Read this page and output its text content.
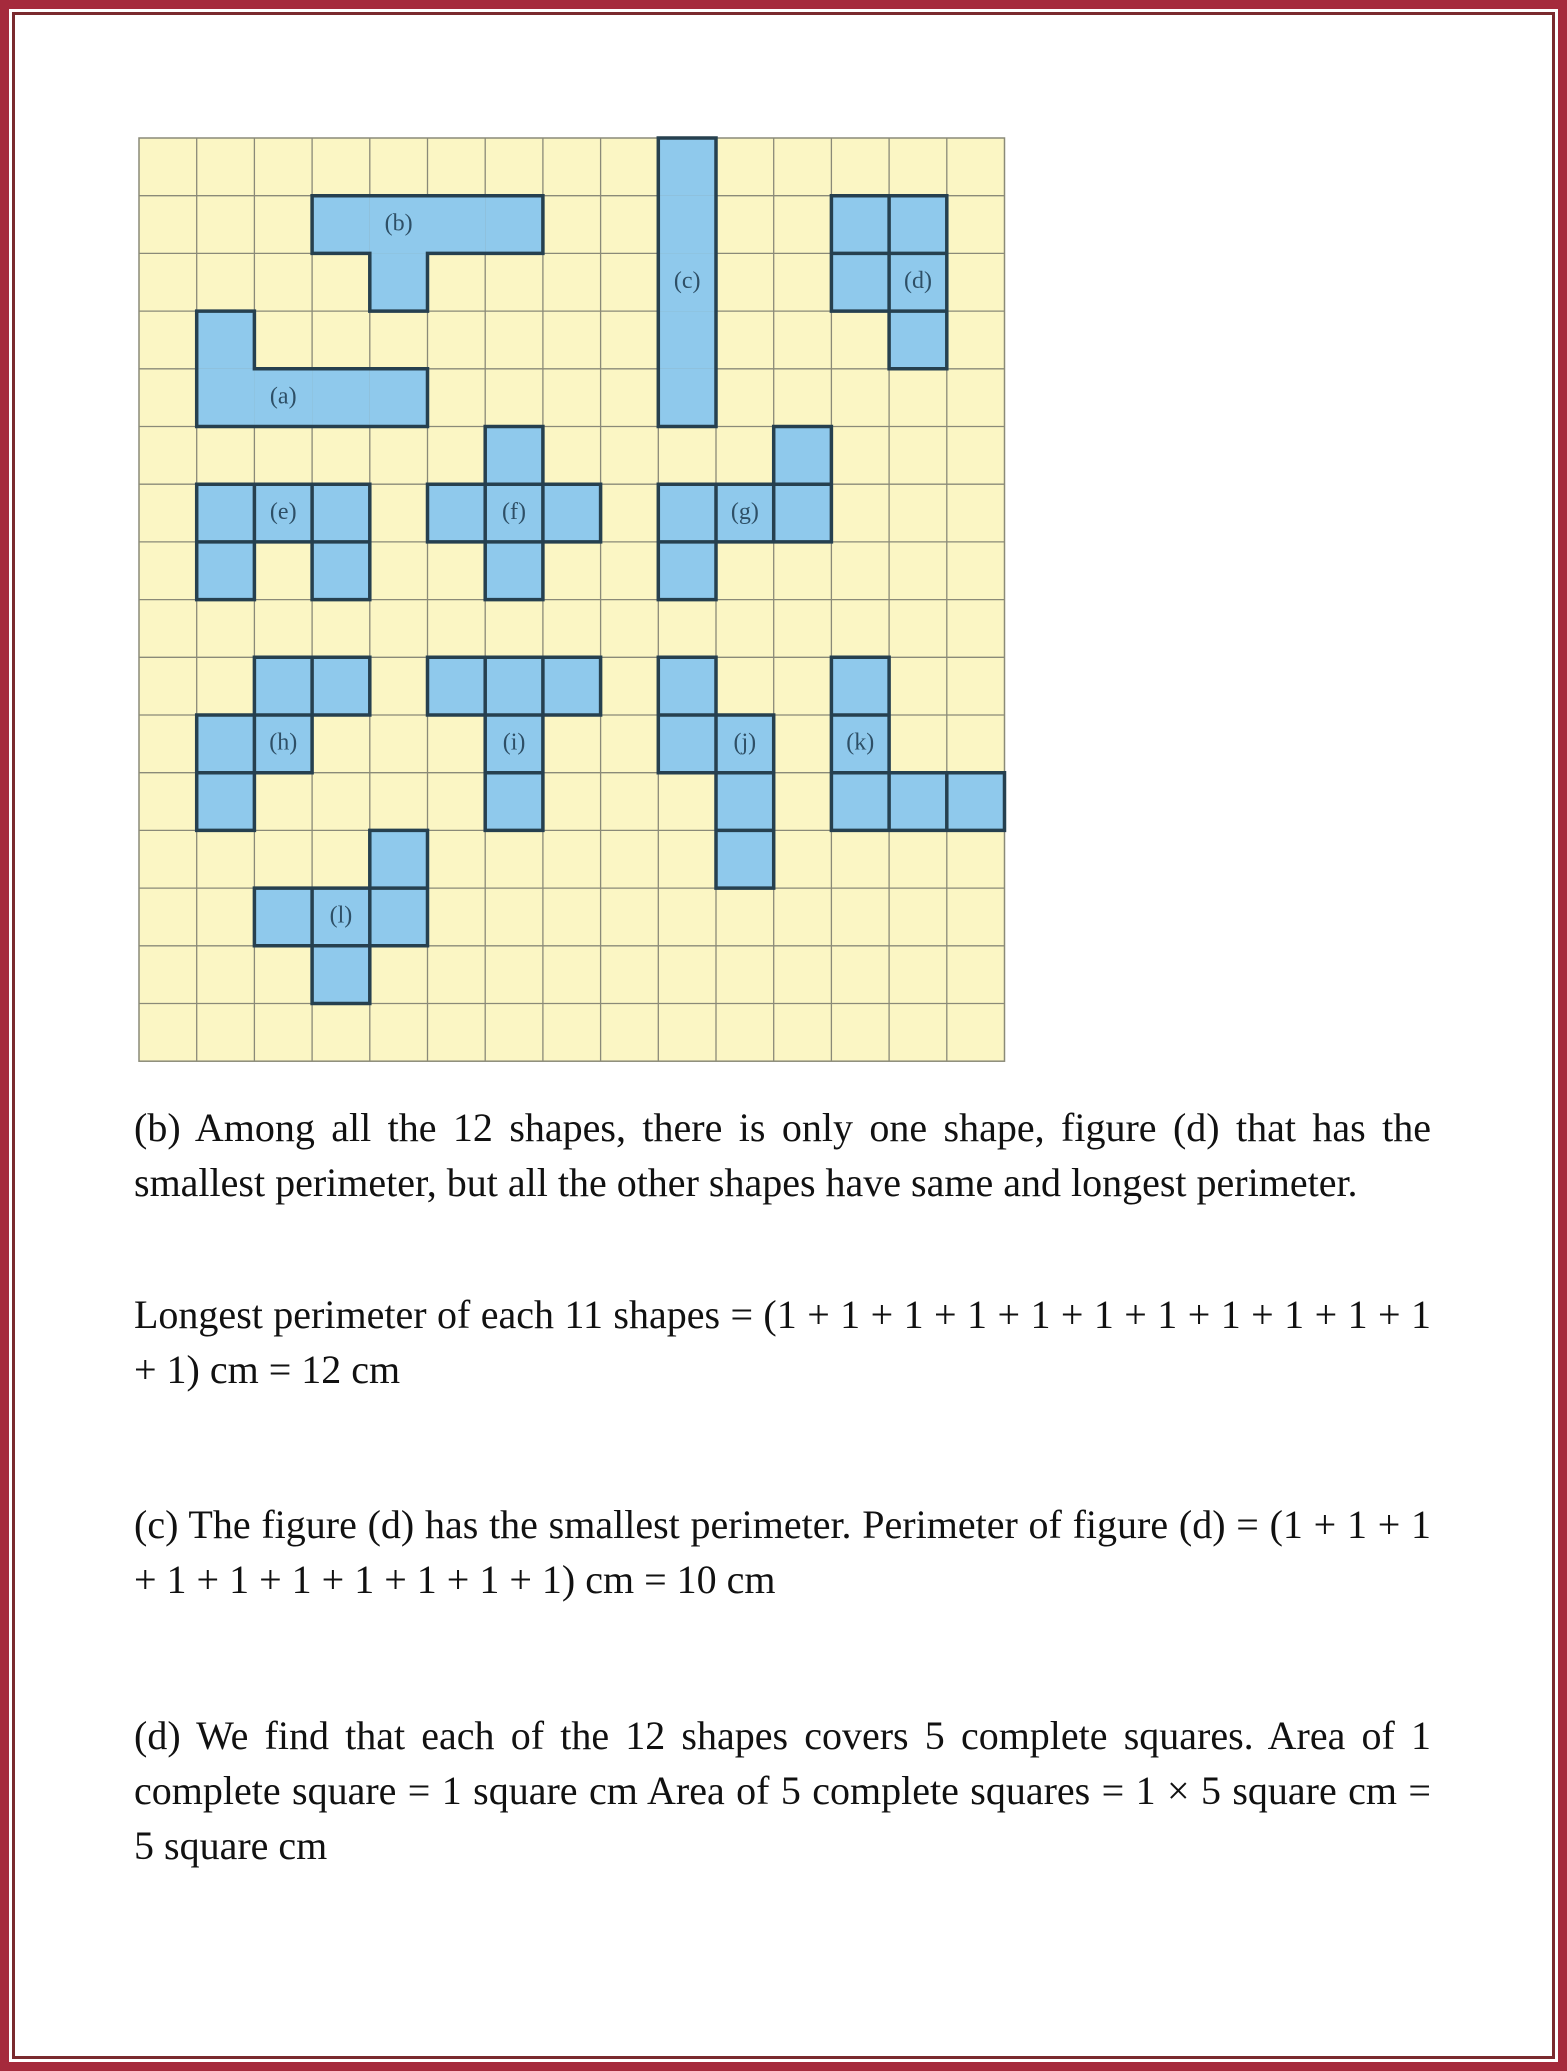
(a)
(b)
(c)	(d)
(e)	(f)	(g)
(h)	(i)	(j)	(k)
(l)

(b) Among all the 12 shapes, there is only one shape, figure (d) that has the smallest perimeter, but all the other shapes have same and longest perimeter.

Longest perimeter of each 11 shapes = (1 + 1 + 1 + 1 + 1 + 1 + 1 + 1 + 1 + 1 + 1 + 1) cm = 12 cm

(c) The figure (d) has the smallest perimeter. Perimeter of figure (d) = (1 + 1 + 1 + 1 + 1 + 1 + 1 + 1 + 1 + 1) cm = 10 cm

(d) We find that each of the 12 shapes covers 5 complete squares. Area of 1 complete square = 1 square cm Area of 5 complete squares = 1 × 5 square cm = 5 square cm
